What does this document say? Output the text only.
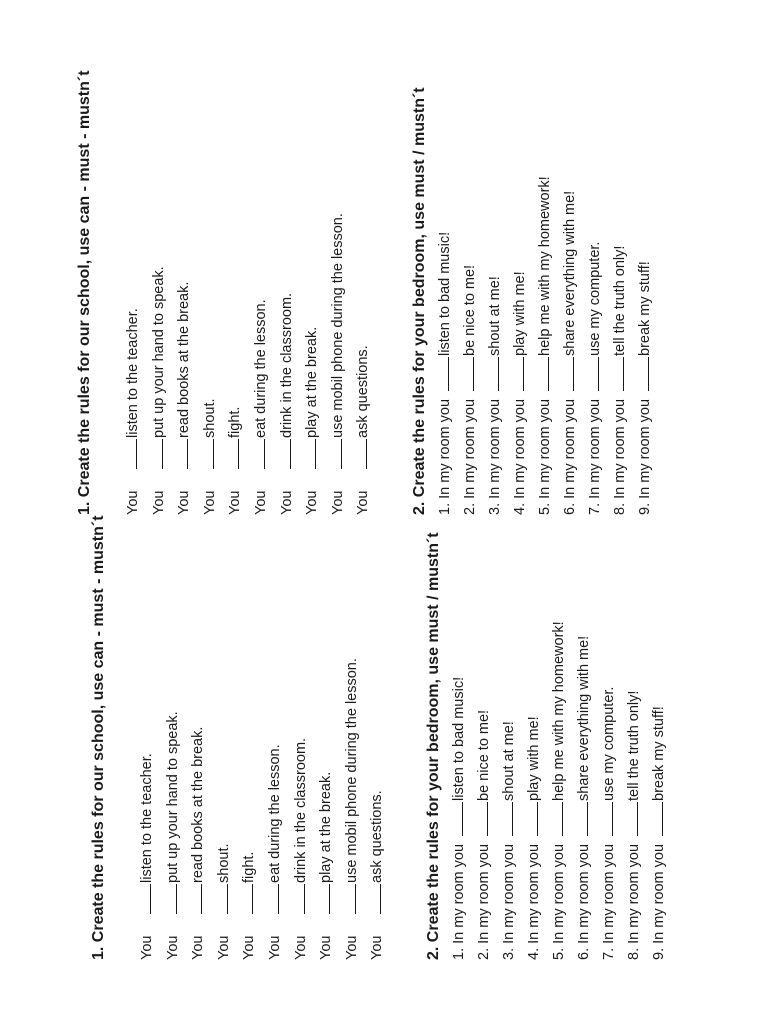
1. Create the rules for our school, use can - must - mustn´t Youlisten to the teacher.
Youput up your hand to speak.
Youread books at the break.
Youshout.
Youfight.
Youeat during the lesson.
Youdrink in the classroom.
Youplay at the break.
Youuse mobil phone during the lesson.
Youask questions. 2. Create the rules for your bedroom, use must / mustn´t 1. In my room youlisten to bad music!
2. In my room yoube nice to me!
3. In my room youshout at me!
4. In my room youplay with me!
5. In my room youhelp me with my homework!
6. In my room youshare everything with me!
7. In my room youuse my computer.
8. In my room youtell the truth only!
9. In my room youbreak my stuff!
1. Create the rules for our school, use can - must - mustn´t Youlisten to the teacher.
Youput up your hand to speak.
Youread books at the break.
Youshout.
Youfight.
Youeat during the lesson.
Youdrink in the classroom.
Youplay at the break.
Youuse mobil phone during the lesson.
Youask questions. 2. Create the rules for your bedroom, use must / mustn´t 1. In my room youlisten to bad music!
2. In my room yoube nice to me!
3. In my room youshout at me!
4. In my room youplay with me!
5. In my room youhelp me with my homework!
6. In my room youshare everything with me!
7. In my room youuse my computer.
8. In my room youtell the truth only!
9. In my room youbreak my stuff!
